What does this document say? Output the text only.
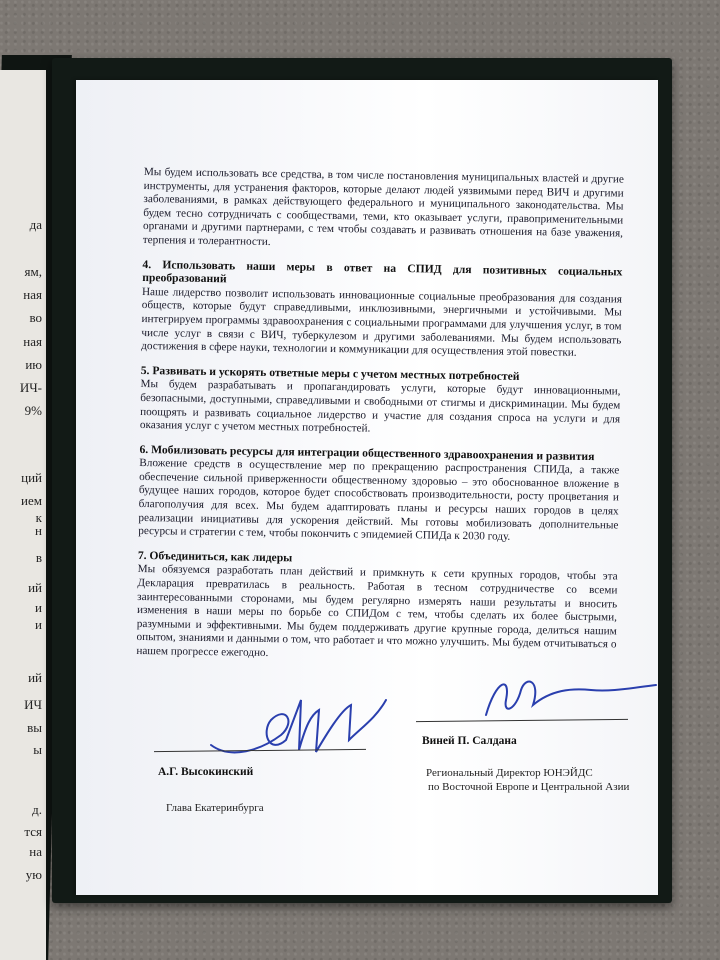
да
ям,
ная
во
ная
ию
ИЧ-
9%
ций
ием
к
н
в
ий
и
и
ий
ИЧ
вы
ы
д.
тся
на
ую

Мы будем использовать все средства, в том числе постановления муниципальных властей и другие инструменты, для устранения факторов, которые делают людей уязвимыми перед ВИЧ и другими заболеваниями, в рамках действующего федерального и муниципального законодательства. Мы будем тесно сотрудничать с сообществами, теми, кто оказывает услуги, правоприменительными органами и другими партнерами, с тем чтобы создавать и развивать отношения на базе уважения, терпения и толерантности.

4. Использовать наши меры в ответ на СПИД для позитивных социальных преобразований

Наше лидерство позволит использовать инновационные социальные преобразования для создания обществ, которые будут справедливыми, инклюзивными, энергичными и устойчивыми. Мы интегрируем программы здравоохранения с социальными программами для улучшения услуг, в том числе услуг в связи с ВИЧ, туберкулезом и другими заболеваниями. Мы будем использовать достижения в сфере науки, технологии и коммуникации для осуществления этой повестки.

5. Развивать и ускорять ответные меры с учетом местных потребностей

Мы будем разрабатывать и пропагандировать услуги, которые будут инновационными, безопасными, доступными, справедливыми и свободными от стигмы и дискриминации. Мы будем поощрять и развивать социальное лидерство и участие для создания спроса на услуги и для оказания услуг с учетом местных потребностей.

6. Мобилизовать ресурсы для интеграции общественного здравоохранения и развития

Вложение средств в осуществление мер по прекращению распространения СПИДа, а также обеспечение сильной приверженности общественному здоровью – это обоснованное вложение в будущее наших городов, которое будет способствовать производительности, росту процветания и благополучия для всех. Мы будем адаптировать планы и ресурсы наших городов в целях реализации инициативы для ускорения действий. Мы готовы мобилизовать дополнительные ресурсы и стратегии с тем, чтобы покончить с эпидемией СПИДа к 2030 году.

7. Объединиться, как лидеры

Мы обязуемся разработать план действий и примкнуть к сети крупных городов, чтобы эта Декларация превратилась в реальность. Работая в тесном сотрудничестве со всеми заинтересованными сторонами, мы будем регулярно измерять наши результаты и вносить изменения в наши меры по борьбе со СПИДом с тем, чтобы сделать их более быстрыми, разумными и эффективными. Мы будем поддерживать другие крупные города, делиться нашим опытом, знаниями и данными о том, что работает и что можно улучшить. Мы будем отчитываться о нашем прогрессе ежегодно.

А.Г. Высокинский
Глава Екатеринбурга
Виней П. Салдана
Региональный Директор ЮНЭЙДС
по Восточной Европе и Центральной Азии
